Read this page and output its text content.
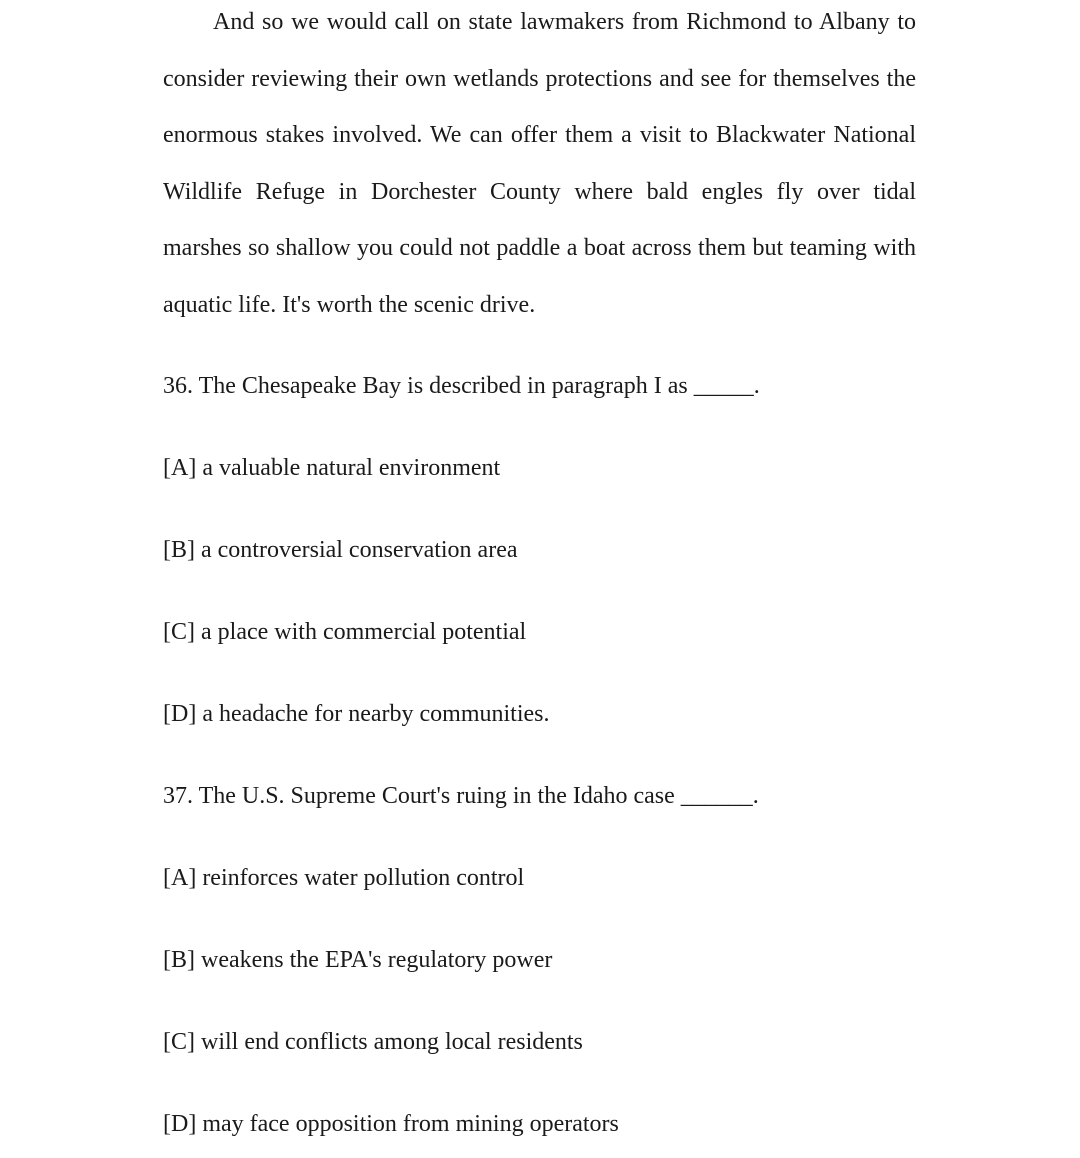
And so we would call on state lawmakers from Richmond to Albany to consider reviewing their own wetlands protections and see for themselves the enormous stakes involved. We can offer them a visit to Blackwater National Wildlife Refuge in Dorchester County where bald engles fly over tidal marshes so shallow you could not paddle a boat across them but teaming with aquatic life. It's worth the scenic drive.

36. The Chesapeake Bay is described in paragraph I as _____.

[A] a valuable natural environment

[B] a controversial conservation area

[C] a place with commercial potential

[D] a headache for nearby communities.

37. The U.S. Supreme Court's ruing in the Idaho case ______.

[A] reinforces water pollution control

[B] weakens the EPA's regulatory power

[C] will end conflicts among local residents

[D] may face opposition from mining operators
